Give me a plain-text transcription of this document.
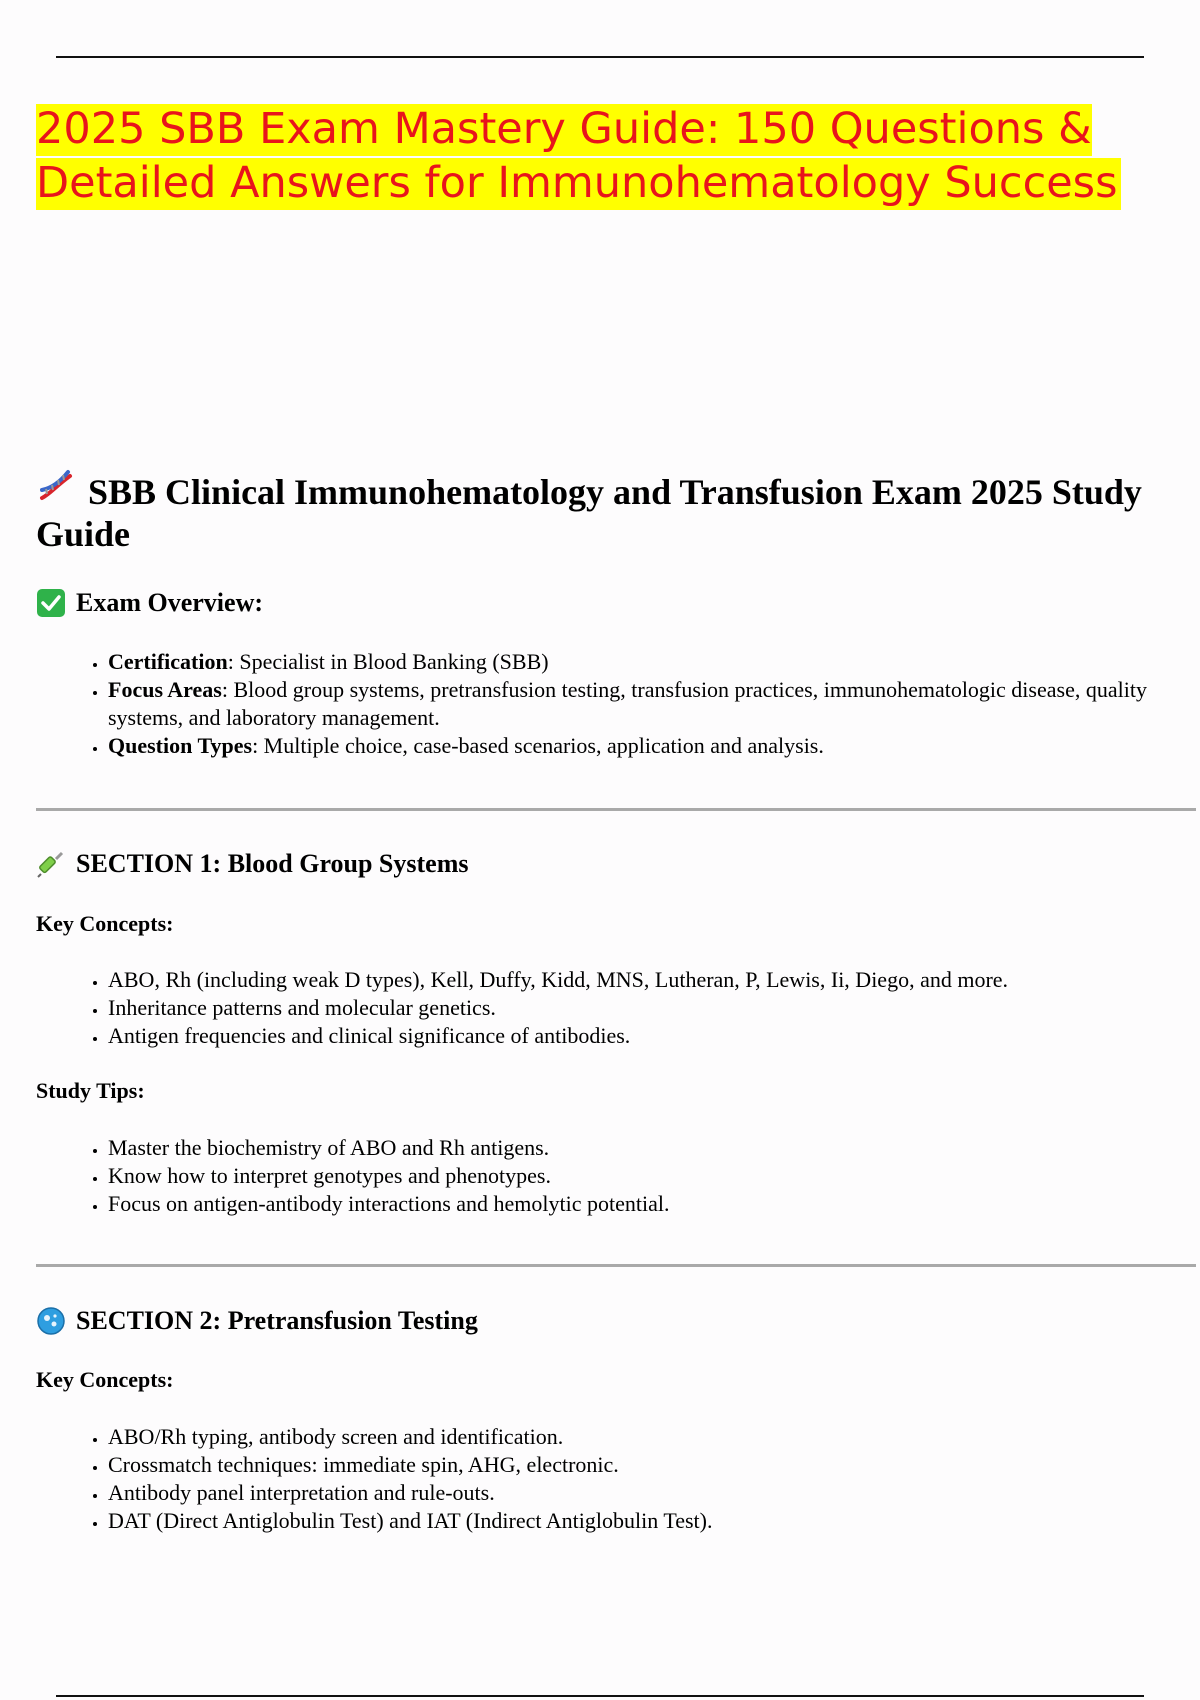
2025 SBB Exam Mastery Guide: 150 Questions & Detailed Answers for Immunohematology Success
SBB Clinical Immunohematology and Transfusion Exam 2025 Study Guide
Exam Overview:
• Certification: Specialist in Blood Banking (SBB)
• Focus Areas: Blood group systems, pretransfusion testing, transfusion practices, immunohematologic disease, quality systems, and laboratory management.
• Question Types: Multiple choice, case-based scenarios, application and analysis.
SECTION 1: Blood Group Systems

Key Concepts:

• ABO, Rh (including weak D types), Kell, Duffy, Kidd, MNS, Lutheran, P, Lewis, Ii, Diego, and more.
• Inheritance patterns and molecular genetics.
• Antigen frequencies and clinical significance of antibodies.

Study Tips:

• Master the biochemistry of ABO and Rh antigens.
• Know how to interpret genotypes and phenotypes.
• Focus on antigen-antibody interactions and hemolytic potential.
SECTION 2: Pretransfusion Testing

Key Concepts:

• ABO/Rh typing, antibody screen and identification.
• Crossmatch techniques: immediate spin, AHG, electronic.
• Antibody panel interpretation and rule-outs.
• DAT (Direct Antiglobulin Test) and IAT (Indirect Antiglobulin Test).
